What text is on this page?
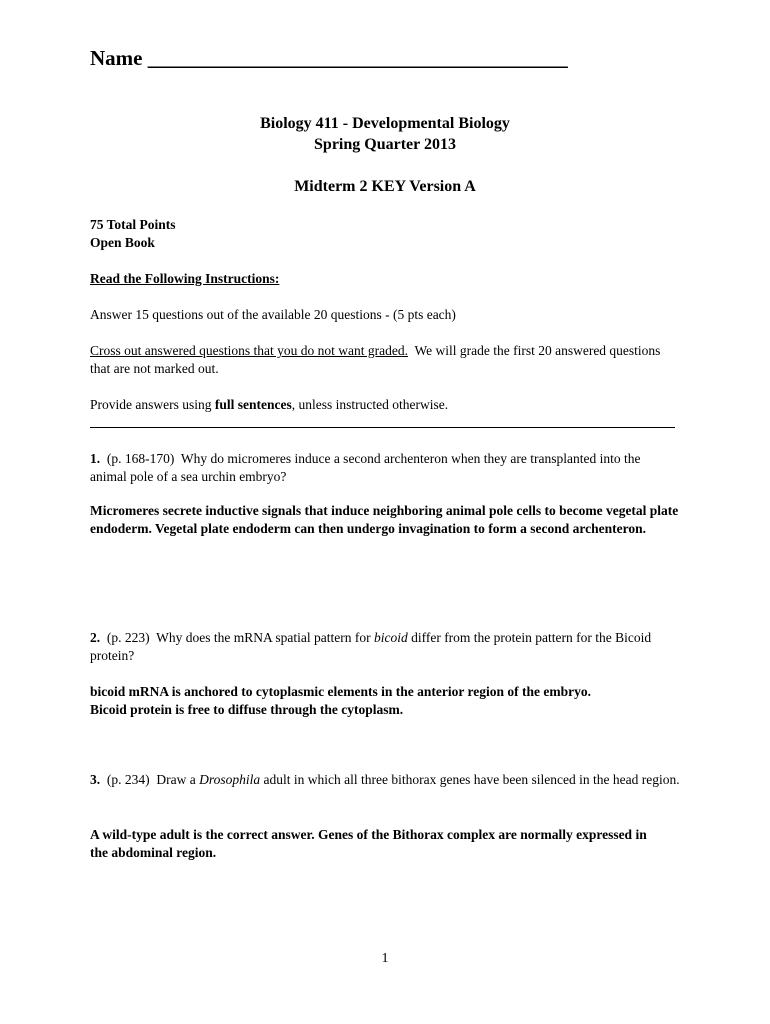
Name ________________________________________
Biology 411 - Developmental Biology
Spring Quarter 2013
Midterm 2 KEY Version A
75 Total Points
Open Book
Read the Following Instructions:
Answer 15 questions out of the available 20 questions - (5 pts each)
Cross out answered questions that you do not want graded.  We will grade the first 20 answered questions that are not marked out.
Provide answers using full sentences, unless instructed otherwise.
1.  (p. 168-170)  Why do micromeres induce a second archenteron when they are transplanted into the animal pole of a sea urchin embryo?
Micromeres secrete inductive signals that induce neighboring animal pole cells to become vegetal plate endoderm. Vegetal plate endoderm can then undergo invagination to form a second archenteron.
2.  (p. 223)  Why does the mRNA spatial pattern for bicoid differ from the protein pattern for the Bicoid protein?
bicoid mRNA is anchored to cytoplasmic elements in the anterior region of the embryo.
Bicoid protein is free to diffuse through the cytoplasm.
3.  (p. 234)  Draw a Drosophila adult in which all three bithorax genes have been silenced in the head region.
A wild-type adult is the correct answer. Genes of the Bithorax complex are normally expressed in the abdominal region.
1
